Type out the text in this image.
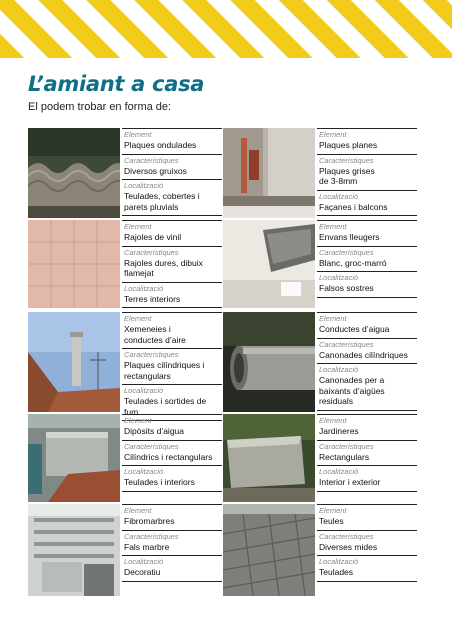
L’amiant a casa

El podem trobar en forma de:

Element
Plaques ondulades
Característiques
Diversos gruixos
Localització
Teulades, cobertes i
parets pluvials
Element
Plaques planes
Característiques
Plaques grises
de 3-8mm
Localització
Façanes i balcons
Element
Rajoles de vinil
Característiques
Rajoles dures, dibuix
flamejat
Localització
Terres interiors
Element
Envans lleugers
Característiques
Blanc, groc-marró
Localització
Falsos sostres
Element
Xemeneies i
conductes d’aire
Característiques
Plaques cilíndriques i
rectangulars
Localització
Teulades i sortides de fum
Element
Conductes d’aigua
Característiques
Canonades cilíndriques
Localització
Canonades per a
baixants d’aigües
residuals
Element
Dipòsits d’aigua
Característiques
Cilíndrics i rectangulars
Localització
Teulades i interiors
Element
Jardineres
Característiques
Rectangulars
Localització
Interior i exterior
Element
Fibromarbres
Característiques
Fals marbre
Localització
Decoratiu
Element
Teules
Característiques
Diverses mides
Localització
Teulades
